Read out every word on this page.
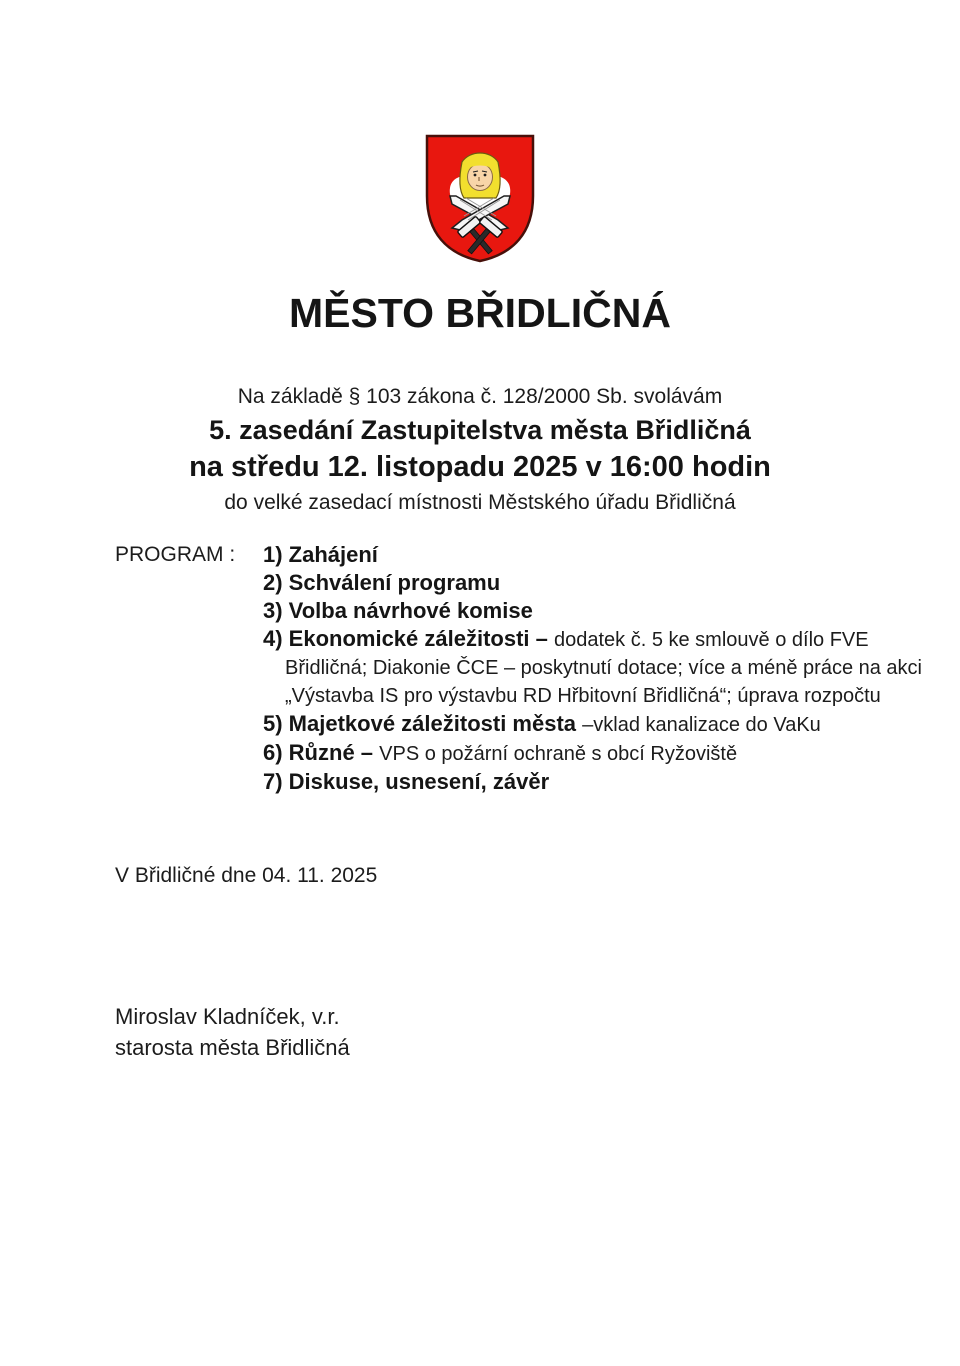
MĚSTO BŘIDLIČNÁ

Na základě § 103 zákona č. 128/2000 Sb. svolávám

5. zasedání Zastupitelstva města Břidličná

na středu 12. listopadu 2025 v 16:00 hodin

do velké zasedací místnosti Městského úřadu Břidličná

PROGRAM :	1) Zahájení
2) Schválení programu
3) Volba návrhové komise
4) Ekonomické záležitosti – dodatek č. 5 ke smlouvě o dílo FVE
Břidličná; Diakonie ČCE – poskytnutí dotace; více a méně práce na akci
„Výstavba IS pro výstavbu RD Hřbitovní Břidličná“; úprava rozpočtu
5) Majetkové záležitosti města –vklad kanalizace do VaKu
6) Různé – VPS o požární ochraně s obcí Ryžoviště
7) Diskuse, usnesení, závěr

V Břidličné dne 04. 11. 2025

Miroslav Kladníček, v.r.

starosta města Břidličná
